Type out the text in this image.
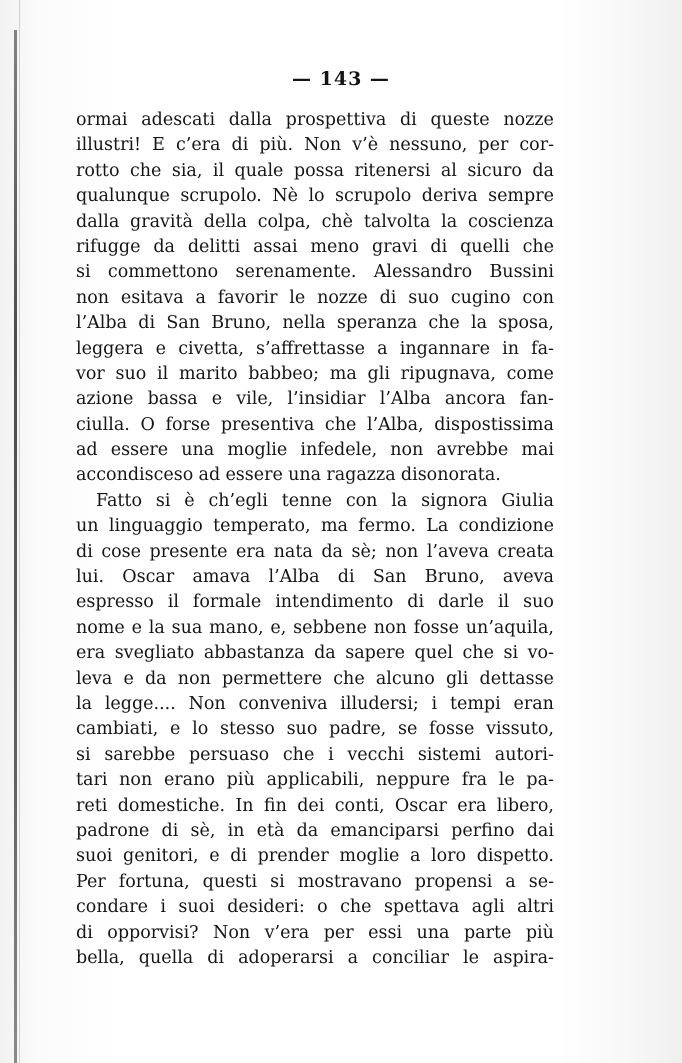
— 143 —
ormai adescati dalla prospettiva di queste nozze
illustri! E c’era di più. Non v’è nessuno, per cor-
rotto che sia, il quale possa ritenersi al sicuro da
qualunque scrupolo. Nè lo scrupolo deriva sempre
dalla gravità della colpa, chè talvolta la coscienza
rifugge da delitti assai meno gravi di quelli che
si commettono serenamente. Alessandro Bussini
non esitava a favorir le nozze di suo cugino con
l’Alba di San Bruno, nella speranza che la sposa,
leggera e civetta, s’affrettasse a ingannare in fa-
vor suo il marito babbeo; ma gli ripugnava, come
azione bassa e vile, l’insidiar l’Alba ancora fan-
ciulla. O forse presentiva che l’Alba, dispostissima
ad essere una moglie infedele, non avrebbe mai
accondisceso ad essere una ragazza disonorata.
Fatto si è ch’egli tenne con la signora Giulia
un linguaggio temperato, ma fermo. La condizione
di cose presente era nata da sè; non l’aveva creata
lui. Oscar amava l’Alba di San Bruno, aveva
espresso il formale intendimento di darle il suo
nome e la sua mano, e, sebbene non fosse un’aquila,
era svegliato abbastanza da sapere quel che si vo-
leva e da non permettere che alcuno gli dettasse
la legge.... Non conveniva illudersi; i tempi eran
cambiati, e lo stesso suo padre, se fosse vissuto,
si sarebbe persuaso che i vecchi sistemi autori-
tari non erano più applicabili, neppure fra le pa-
reti domestiche. In fin dei conti, Oscar era libero,
padrone di sè, in età da emanciparsi perfino dai
suoi genitori, e di prender moglie a loro dispetto.
Per fortuna, questi si mostravano propensi a se-
condare i suoi desideri: o che spettava agli altri
di opporvisi? Non v’era per essi una parte più
bella, quella di adoperarsi a conciliar le aspira-
